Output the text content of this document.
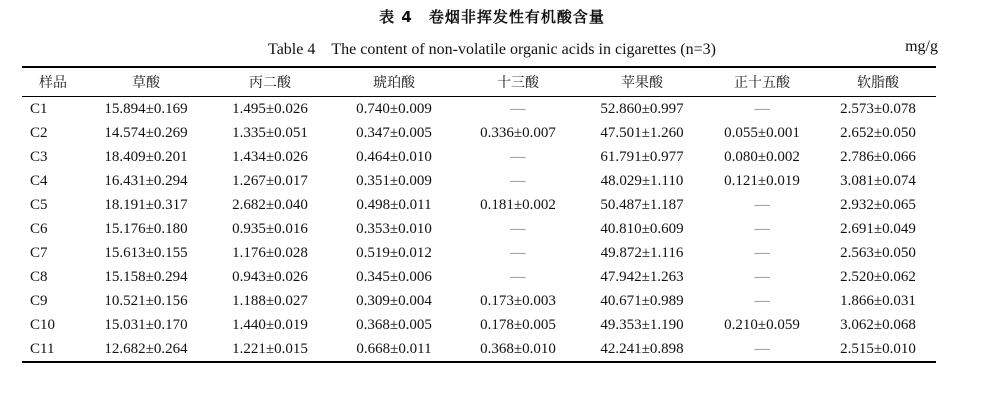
表 4　卷烟非挥发性有机酸含量
Table 4　The content of non-volatile organic acids in cigarettes (n=3)	mg/g
样品	草酸	丙二酸	琥珀酸	十三酸	苹果酸	正十五酸	软脂酸
C1	15.894±0.169	1.495±0.026	0.740±0.009	—	52.860±0.997	—	2.573±0.078
C2	14.574±0.269	1.335±0.051	0.347±0.005	0.336±0.007	47.501±1.260	0.055±0.001	2.652±0.050
C3	18.409±0.201	1.434±0.026	0.464±0.010	—	61.791±0.977	0.080±0.002	2.786±0.066
C4	16.431±0.294	1.267±0.017	0.351±0.009	—	48.029±1.110	0.121±0.019	3.081±0.074
C5	18.191±0.317	2.682±0.040	0.498±0.011	0.181±0.002	50.487±1.187	—	2.932±0.065
C6	15.176±0.180	0.935±0.016	0.353±0.010	—	40.810±0.609	—	2.691±0.049
C7	15.613±0.155	1.176±0.028	0.519±0.012	—	49.872±1.116	—	2.563±0.050
C8	15.158±0.294	0.943±0.026	0.345±0.006	—	47.942±1.263	—	2.520±0.062
C9	10.521±0.156	1.188±0.027	0.309±0.004	0.173±0.003	40.671±0.989	—	1.866±0.031
C10	15.031±0.170	1.440±0.019	0.368±0.005	0.178±0.005	49.353±1.190	0.210±0.059	3.062±0.068
C11	12.682±0.264	1.221±0.015	0.668±0.011	0.368±0.010	42.241±0.898	—	2.515±0.010
